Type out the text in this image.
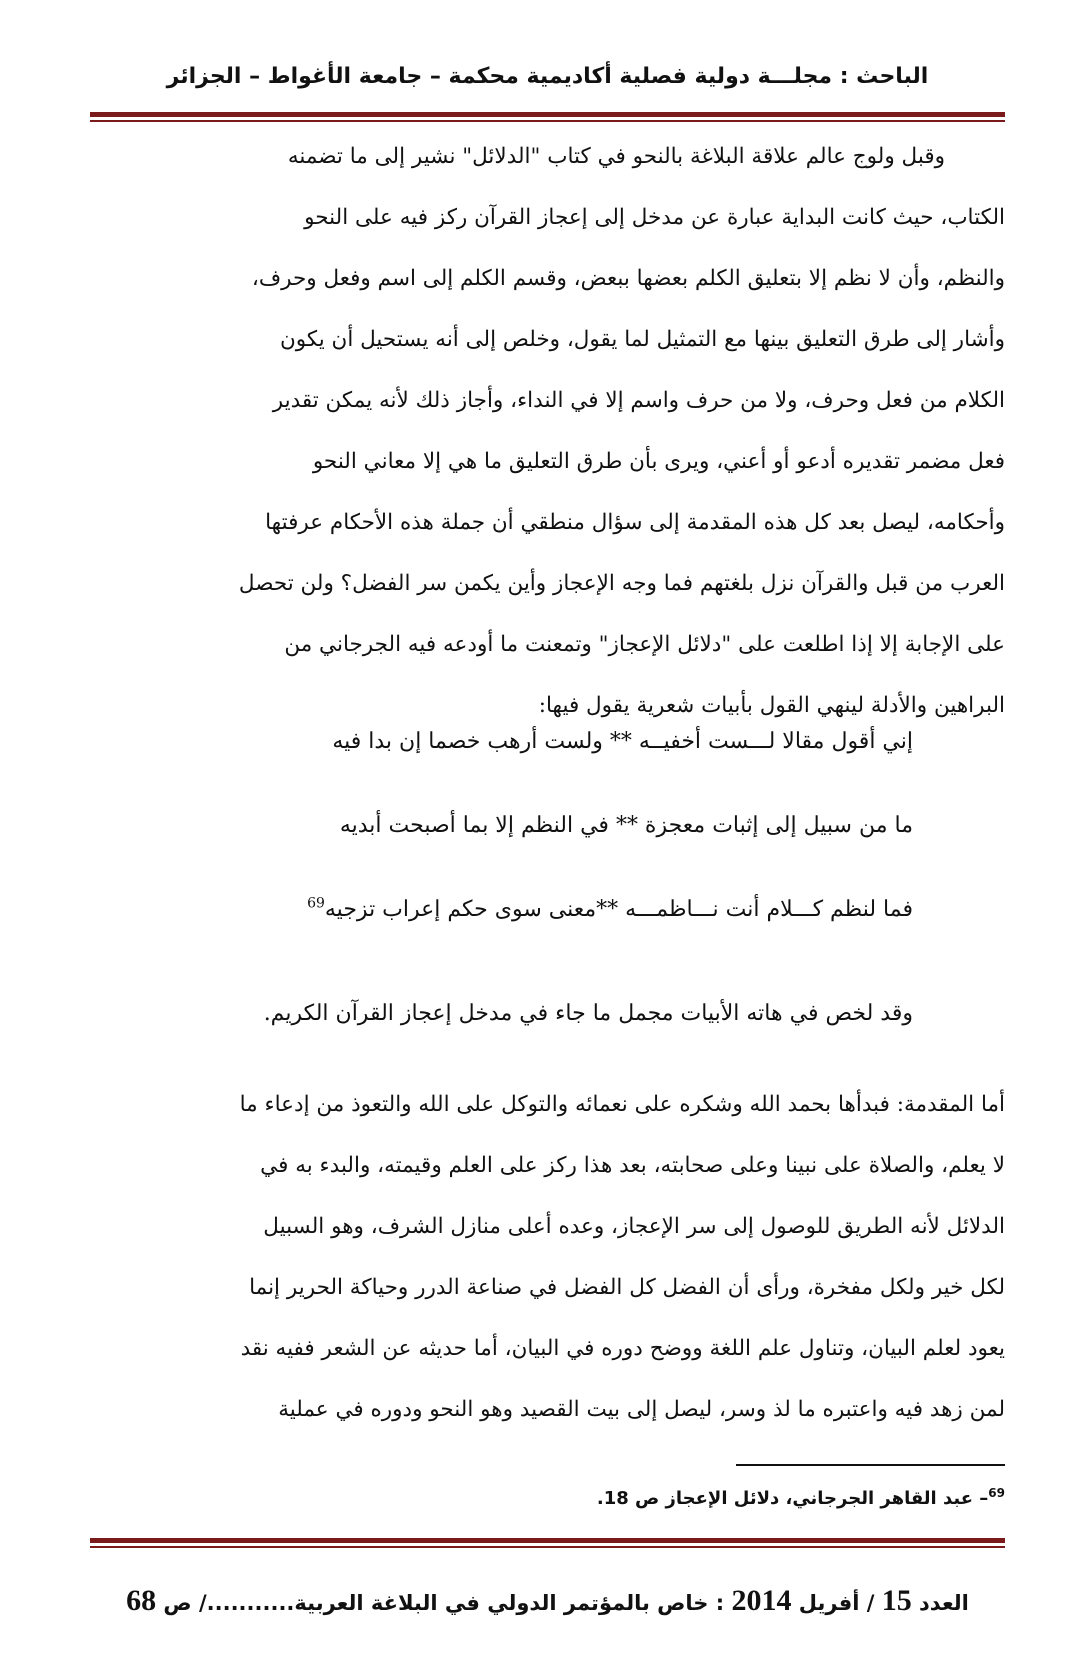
الباحث : مجلـــة دولية فصلية أكاديمية محكمة – جامعة الأغواط – الجزائر
وقبل ولوج عالم علاقة البلاغة بالنحو في كتاب "الدلائل" نشير إلى ما تضمنه
الكتاب، حيث كانت البداية عبارة عن مدخل إلى إعجاز القرآن ركز فيه على النحو
والنظم، وأن لا نظم إلا بتعليق الكلم بعضها ببعض، وقسم الكلم إلى اسم وفعل وحرف،
وأشار إلى طرق التعليق بينها مع التمثيل لما يقول، وخلص إلى أنه يستحيل أن يكون
الكلام من فعل وحرف، ولا من حرف واسم إلا في النداء، وأجاز ذلك لأنه يمكن تقدير
فعل مضمر تقديره أدعو أو أعني، ويرى بأن طرق التعليق ما هي إلا معاني النحو
وأحكامه، ليصل بعد كل هذه المقدمة إلى سؤال منطقي أن جملة هذه الأحكام عرفتها
العرب من قبل والقرآن نزل بلغتهم فما وجه الإعجاز وأين يكمن سر الفضل؟ ولن تحصل
على الإجابة إلا إذا اطلعت على "دلائل الإعجاز" وتمعنت ما أودعه فيه الجرجاني من
البراهين والأدلة لينهي القول بأبيات شعرية يقول فيها:
إني أقول مقالا لـــست أخفيــه ** ولست أرهب خصما إن بدا فيه
ما من سبيل إلى إثبات معجزة ** في النظم إلا بما أصبحت أبديه
فما لنظم كـــلام أنت نـــاظمـــه **معنى سوى حكم إعراب تزجيه$^{69}$
وقد لخص في هاته الأبيات مجمل ما جاء في مدخل إعجاز القرآن الكريم.
أما المقدمة: فبدأها بحمد الله وشكره على نعمائه والتوكل على الله والتعوذ من إدعاء ما
لا يعلم، والصلاة على نبينا وعلى صحابته، بعد هذا ركز على العلم وقيمته، والبدء به في
الدلائل لأنه الطريق للوصول إلى سر الإعجاز، وعده أعلى منازل الشرف، وهو السبيل
لكل خير ولكل مفخرة، ورأى أن الفضل كل الفضل في صناعة الدرر وحياكة الحرير إنما
يعود لعلم البيان، وتناول علم اللغة ووضح دوره في البيان، أما حديثه عن الشعر ففيه نقد
لمن زهد فيه واعتبره ما لذ وسر، ليصل إلى بيت القصيد وهو النحو ودوره في عملية
$^{69}$– عبد القاهر الجرجاني، دلائل الإعجاز ص 18.
العدد 15 / أفريل 2014 : خاص بالمؤتمر الدولي في البلاغة العربية.........../ ص 68
